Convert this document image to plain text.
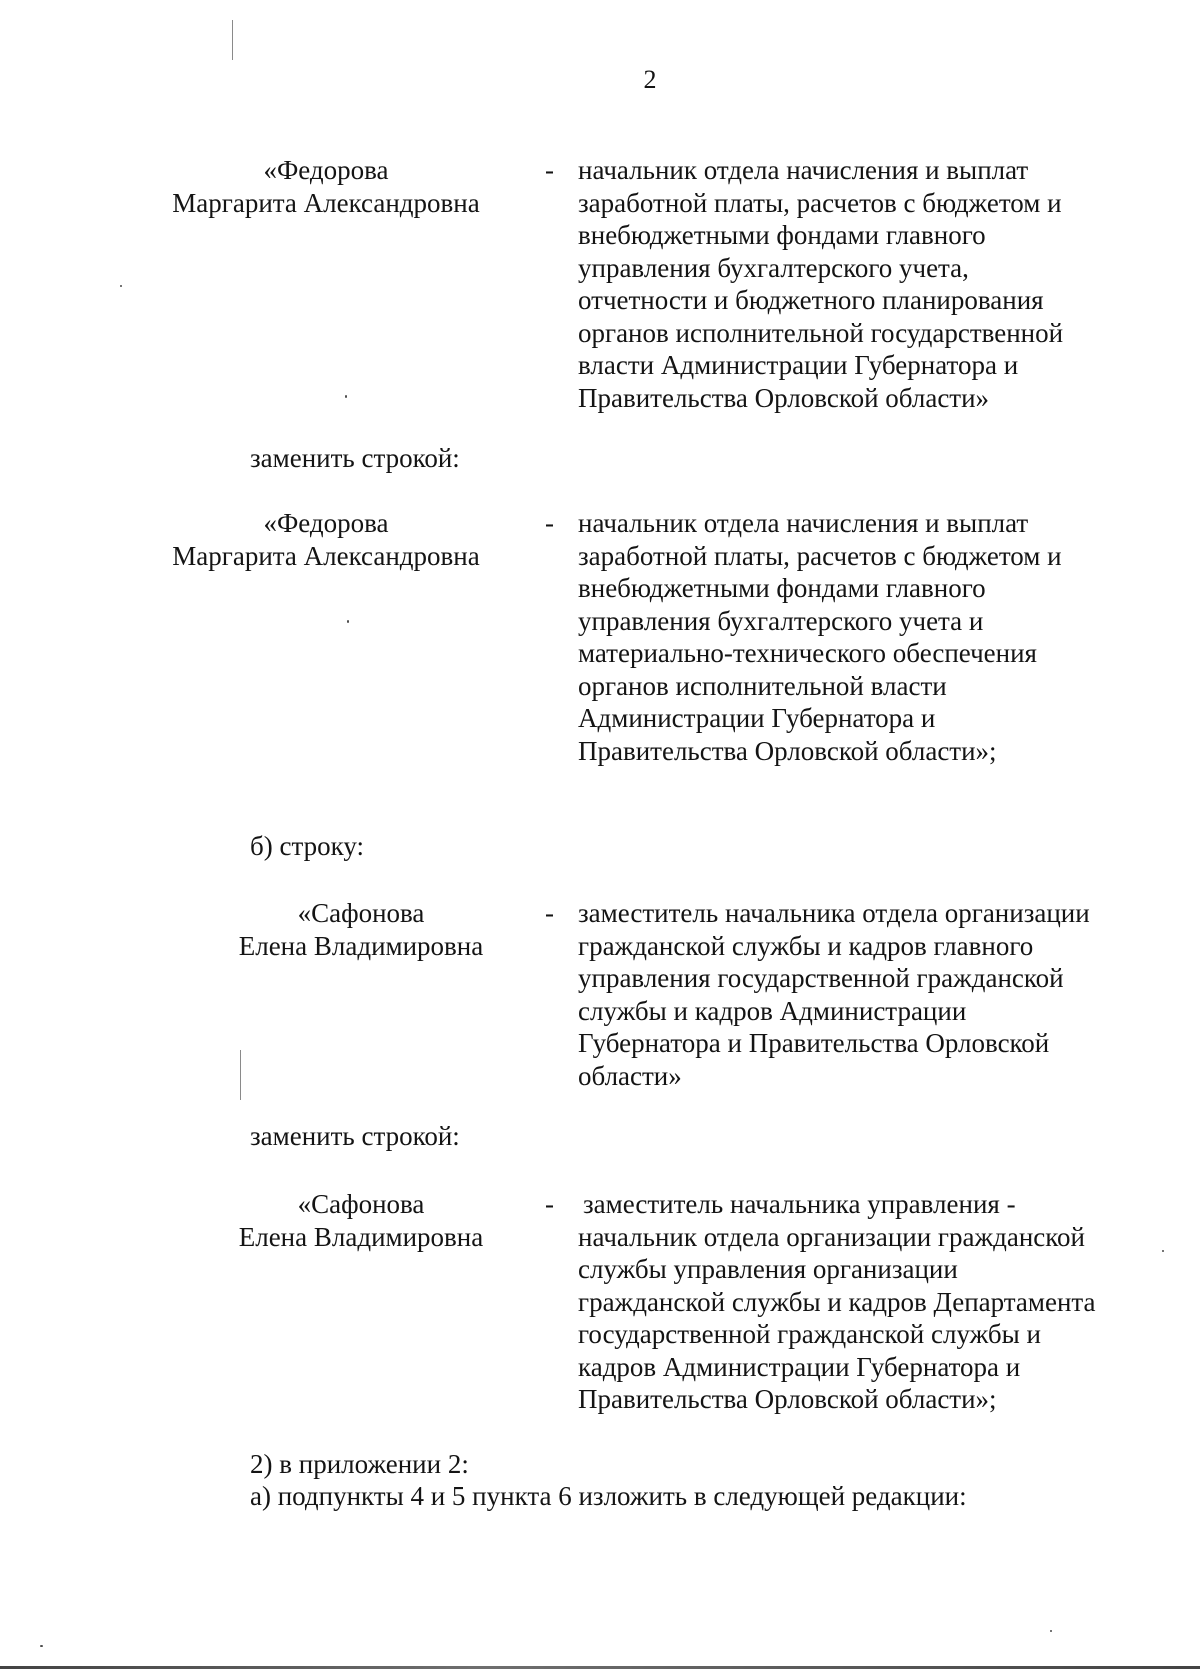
2
«Федорова
Маргарита Александровна
- начальник отдела начисления и выплат
заработной платы, расчетов с бюджетом и
внебюджетными фондами главного
управления бухгалтерского учета,
отчетности и бюджетного планирования
органов исполнительной государственной
власти Администрации Губернатора и
Правительства Орловской области»
заменить строкой:
«Федорова
Маргарита Александровна
- начальник отдела начисления и выплат
заработной платы, расчетов с бюджетом и
внебюджетными фондами главного
управления бухгалтерского учета и
материально-технического обеспечения
органов исполнительной власти
Администрации Губернатора и
Правительства Орловской области»;
б) строку:
«Сафонова
Елена Владимировна
- заместитель начальника отдела организации
гражданской службы и кадров главного
управления государственной гражданской
службы и кадров Администрации
Губернатора и Правительства Орловской
области»
заменить строкой:
«Сафонова
Елена Владимировна
- заместитель начальника управления -
начальник отдела организации гражданской
службы управления организации
гражданской службы и кадров Департамента
государственной гражданской службы и
кадров Администрации Губернатора и
Правительства Орловской области»;
2) в приложении 2:
а) подпункты 4 и 5 пункта 6 изложить в следующей редакции:
